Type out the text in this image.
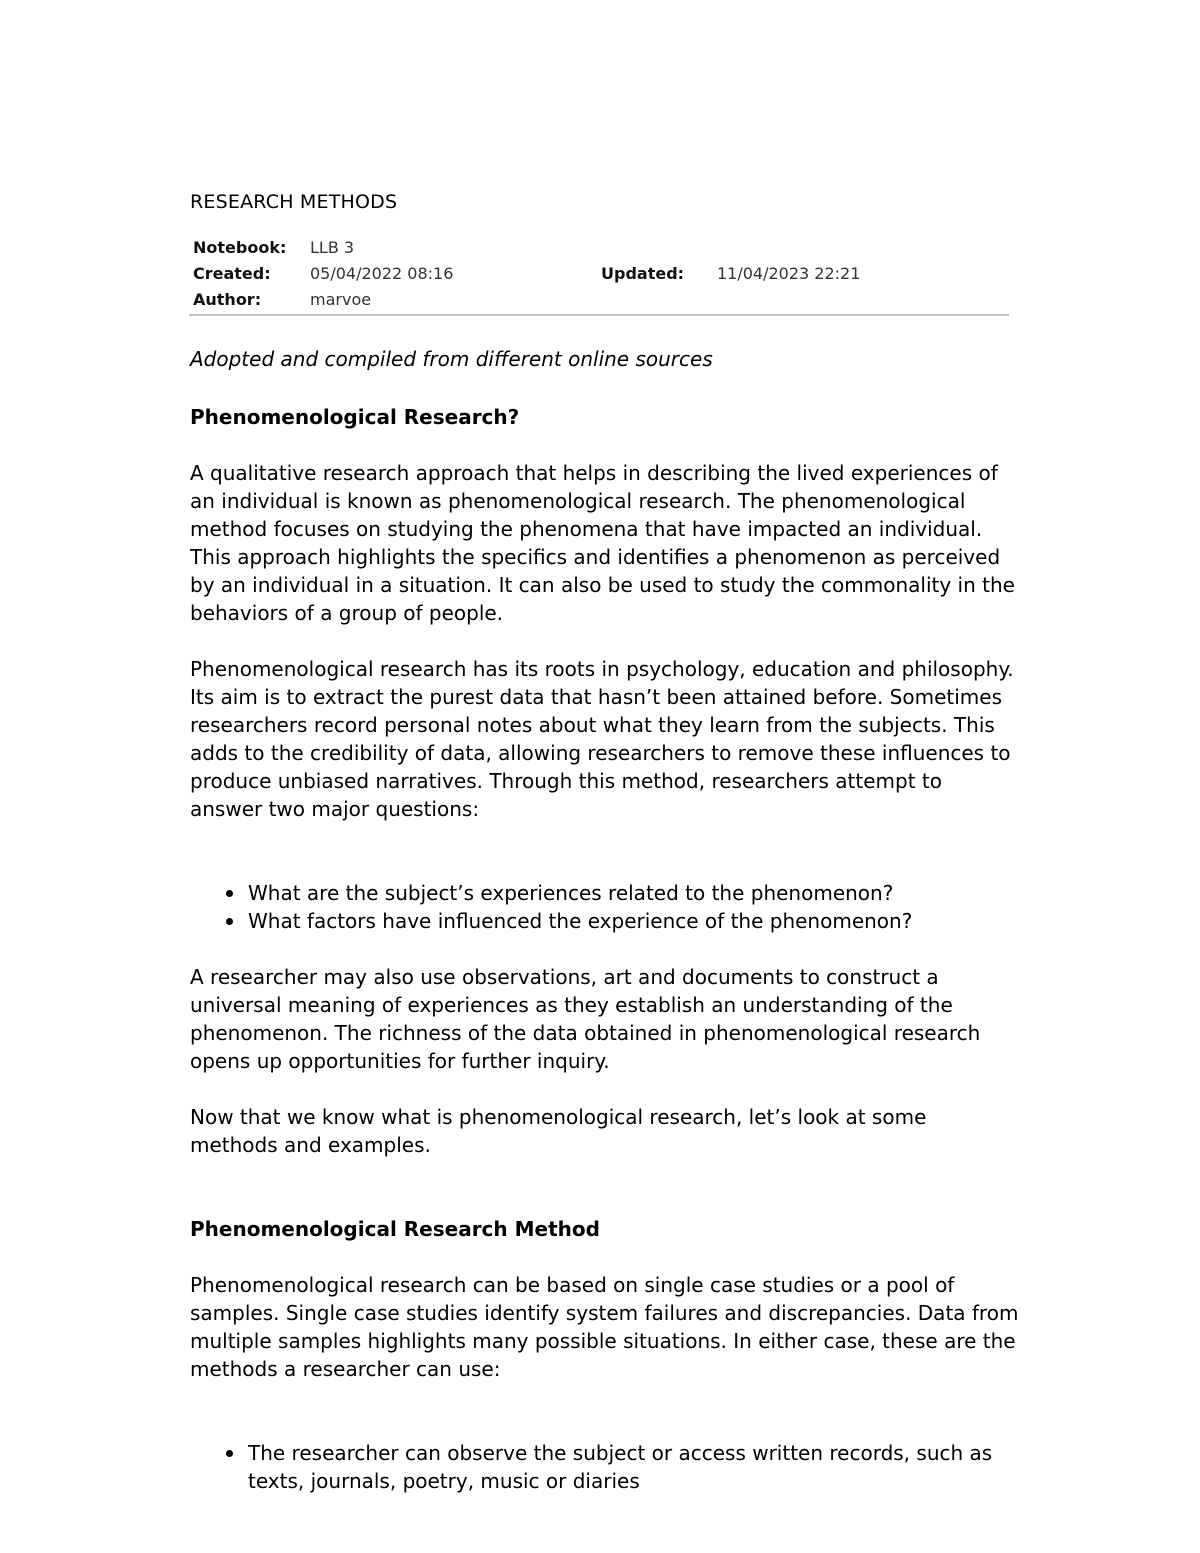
RESEARCH METHODS
Notebook: LLB 3
Created: 05/04/2022 08:16	Updated: 11/04/2023 22:21
Author:	marvoe

Adopted and compiled from different online sources

Phenomenological Research?

A qualitative research approach that helps in describing the lived experiences of an individual is known as phenomenological research. The phenomenological method focuses on studying the phenomena that have impacted an individual. This approach highlights the specifics and identifies a phenomenon as perceived by an individual in a situation. It can also be used to study the commonality in the behaviors of a group of people.

Phenomenological research has its roots in psychology, education and philosophy. Its aim is to extract the purest data that hasn’t been attained before. Sometimes researchers record personal notes about what they learn from the subjects. This adds to the credibility of data, allowing researchers to remove these influences to produce unbiased narratives. Through this method, researchers attempt to answer two major questions:

What are the subject’s experiences related to the phenomenon?
What factors have influenced the experience of the phenomenon?

A researcher may also use observations, art and documents to construct a universal meaning of experiences as they establish an understanding of the phenomenon. The richness of the data obtained in phenomenological research opens up opportunities for further inquiry.

Now that we know what is phenomenological research, let’s look at some methods and examples.

Phenomenological Research Method

Phenomenological research can be based on single case studies or a pool of samples. Single case studies identify system failures and discrepancies. Data from multiple samples highlights many possible situations. In either case, these are the methods a researcher can use:

The researcher can observe the subject or access written records, such as texts, journals, poetry, music or diaries
